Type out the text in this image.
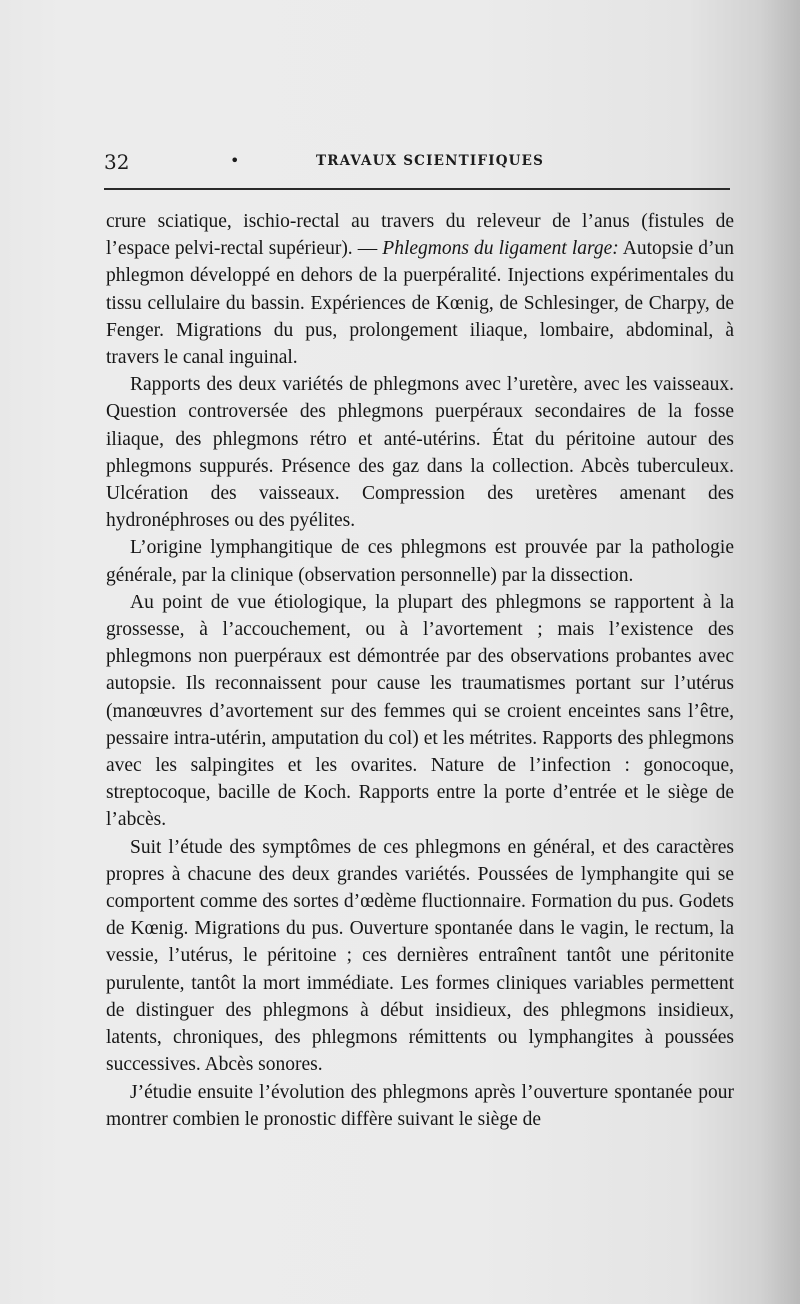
32	•	TRAVAUX SCIENTIFIQUES

crure sciatique, ischio-rectal au travers du releveur de l’anus (fistules de l’espace pelvi-rectal supérieur). — Phlegmons du ligament large: Autopsie d’un phlegmon développé en dehors de la puerpéralité. Injections expérimentales du tissu cellulaire du bassin. Expériences de Kœnig, de Schlesinger, de Charpy, de Fenger. Migrations du pus, prolongement iliaque, lombaire, abdominal, à travers le canal inguinal.

Rapports des deux variétés de phlegmons avec l’uretère, avec les vaisseaux. Question controversée des phlegmons puerpéraux secondaires de la fosse iliaque, des phlegmons rétro et anté-utérins. État du péritoine autour des phlegmons suppurés. Présence des gaz dans la collection. Abcès tuberculeux. Ulcération des vaisseaux. Compression des uretères amenant des hydronéphroses ou des pyélites.

L’origine lymphangitique de ces phlegmons est prouvée par la pathologie générale, par la clinique (observation personnelle) par la dissection.

Au point de vue étiologique, la plupart des phlegmons se rapportent à la grossesse, à l’accouchement, ou à l’avortement ; mais l’existence des phlegmons non puerpéraux est démontrée par des observations probantes avec autopsie. Ils reconnaissent pour cause les traumatismes portant sur l’utérus (manœuvres d’avortement sur des femmes qui se croient enceintes sans l’être, pessaire intra-utérin, amputation du col) et les métrites. Rapports des phlegmons avec les salpingites et les ovarites. Nature de l’infection : gonocoque, streptocoque, bacille de Koch. Rapports entre la porte d’entrée et le siège de l’abcès.

Suit l’étude des symptômes de ces phlegmons en général, et des caractères propres à chacune des deux grandes variétés. Poussées de lymphangite qui se comportent comme des sortes d’œdème fluctionnaire. Formation du pus. Godets de Kœnig. Migrations du pus. Ouverture spontanée dans le vagin, le rectum, la vessie, l’utérus, le péritoine ; ces dernières entraînent tantôt une péritonite purulente, tantôt la mort immédiate. Les formes cliniques variables permettent de distinguer des phlegmons à début insidieux, des phlegmons insidieux, latents, chroniques, des phlegmons rémittents ou lymphangites à poussées successives. Abcès sonores.

J’étudie ensuite l’évolution des phlegmons après l’ouverture spontanée pour montrer combien le pronostic diffère suivant le siège de
